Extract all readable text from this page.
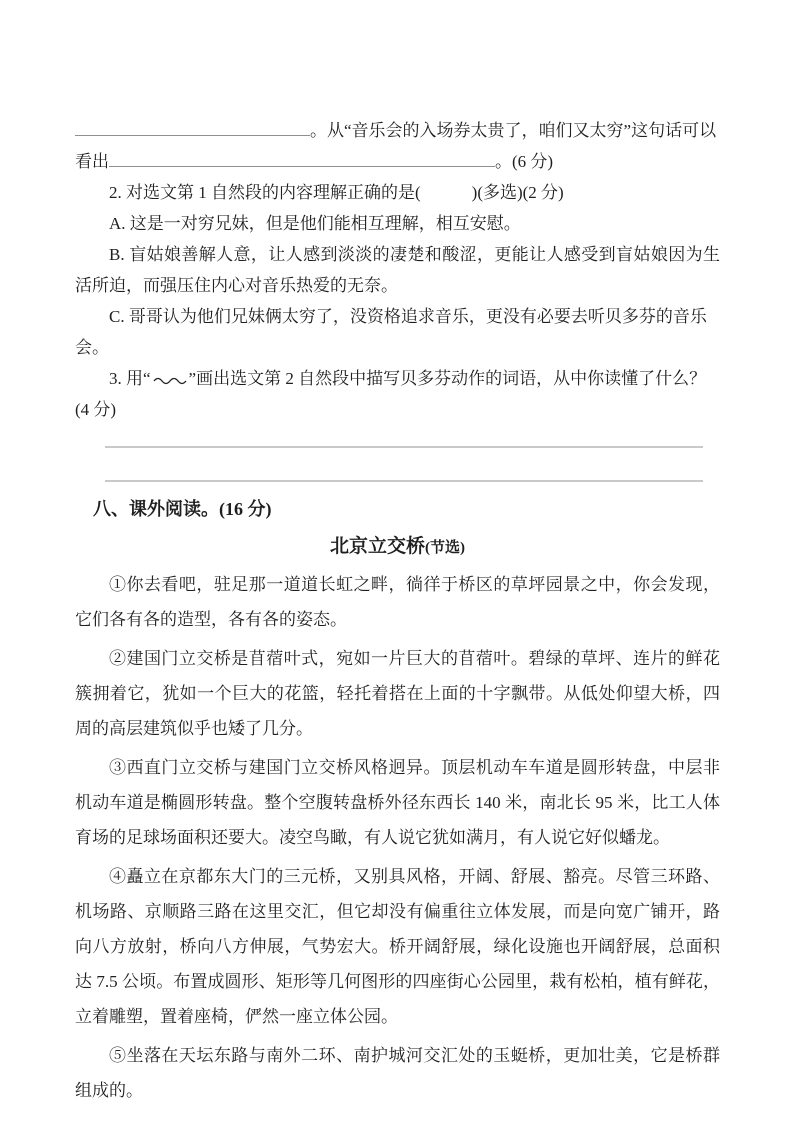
。从“音乐会的入场券太贵了，咱们又太穷”这句话可以

看出	。(6 分)

2. 对选文第 1 自然段的内容理解正确的是(　　　)(多选)(2 分)

A. 这是一对穷兄妹，但是他们能相互理解，相互安慰。

B. 盲姑娘善解人意，让人感到淡淡的凄楚和酸涩，更能让人感受到盲姑娘因为生活所迫，而强压住内心对音乐热爱的无奈。

C. 哥哥认为他们兄妹俩太穷了，没资格追求音乐，更没有必要去听贝多芬的音乐会。

3. 用“ ”画出选文第 2 自然段中描写贝多芬动作的词语，从中你读懂了什么？(4 分)

八、课外阅读。(16 分)
北京立交桥(节选)

①你去看吧，驻足那一道道长虹之畔，徜徉于桥区的草坪园景之中，你会发现，它们各有各的造型，各有各的姿态。

②建国门立交桥是苜蓿叶式，宛如一片巨大的苜蓿叶。碧绿的草坪、连片的鲜花簇拥着它，犹如一个巨大的花篮，轻托着搭在上面的十字飘带。从低处仰望大桥，四周的高层建筑似乎也矮了几分。

③西直门立交桥与建国门立交桥风格迥异。顶层机动车车道是圆形转盘，中层非机动车道是椭圆形转盘。整个空腹转盘桥外径东西长 140 米，南北长 95 米，比工人体育场的足球场面积还要大。凌空鸟瞰，有人说它犹如满月，有人说它好似蟠龙。

④矗立在京都东大门的三元桥，又别具风格，开阔、舒展、豁亮。尽管三环路、机场路、京顺路三路在这里交汇，但它却没有偏重往立体发展，而是向宽广铺开，路向八方放射，桥向八方伸展，气势宏大。桥开阔舒展，绿化设施也开阔舒展，总面积达 7.5 公顷。布置成圆形、矩形等几何图形的四座街心公园里，栽有松柏，植有鲜花，立着雕塑，置着座椅，俨然一座立体公园。

⑤坐落在天坛东路与南外二环、南护城河交汇处的玉蜓桥，更加壮美，它是桥群组成的。
